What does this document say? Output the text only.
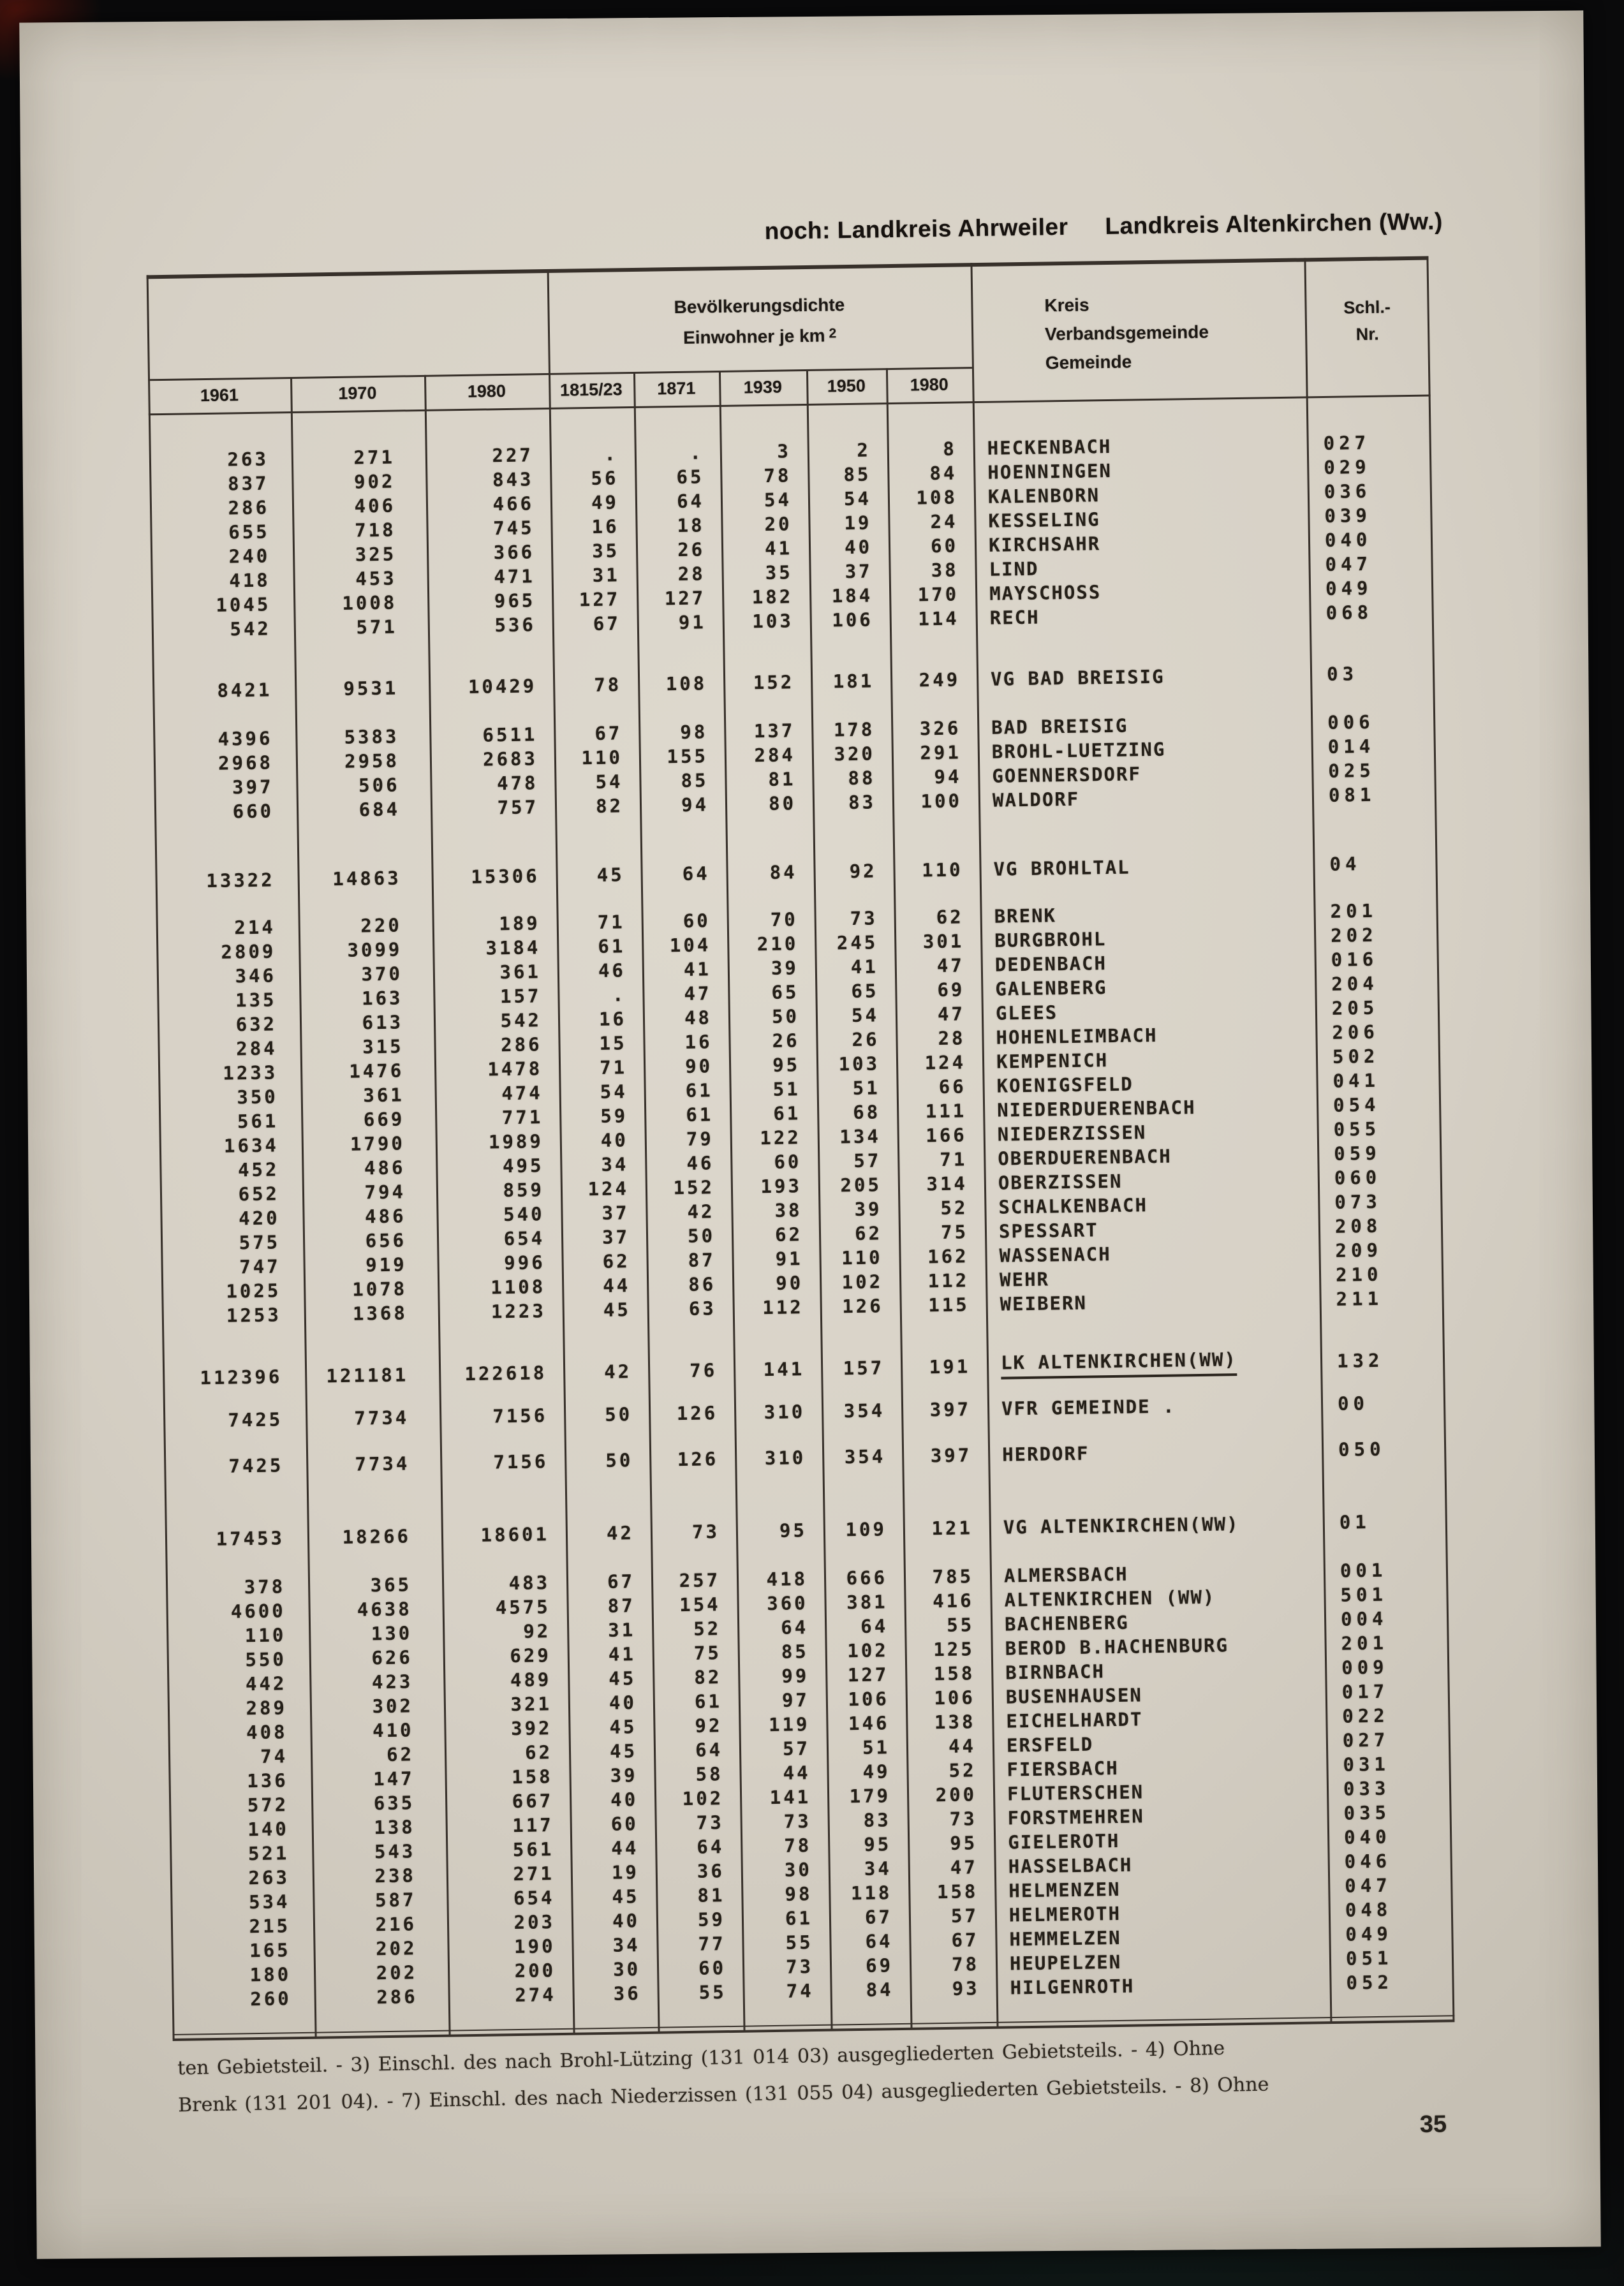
noch: Landkreis Ahrweiler Landkreis Altenkirchen (Ww.)
Bevölkerungsdichte
Einwohner je km $^2$
Kreis
Verbandsgemeinde
Gemeinde
Schl.-
Nr.
1961	1970	1980	1815/23	1871	1939	1950	1980
263	271	227	.	.	3	2	8	HECKENBACH	027
837	902	843	56	65	78	85	84	HOENNINGEN	029
286	406	466	49	64	54	54	108	KALENBORN	036
655	718	745	16	18	20	19	24	KESSELING	039
240	325	366	35	26	41	40	60	KIRCHSAHR	040
418	453	471	31	28	35	37	38	LIND	047
1045	1008	965	127	127	182	184	170	MAYSCHOSS	049
542	571	536	67	91	103	106	114	RECH	068
8421	9531	10429	78	108	152	181	249	VG BAD BREISIG	03
4396	5383	6511	67	98	137	178	326	BAD BREISIG	006
2968	2958	2683	110	155	284	320	291	BROHL-LUETZING	014
397	506	478	54	85	81	88	94	GOENNERSDORF	025
660	684	757	82	94	80	83	100	WALDORF	081
13322	14863	15306	45	64	84	92	110	VG BROHLTAL	04
214	220	189	71	60	70	73	62	BRENK	201
2809	3099	3184	61	104	210	245	301	BURGBROHL	202
346	370	361	46	41	39	41	47	DEDENBACH	016
135	163	157	.	47	65	65	69	GALENBERG	204
632	613	542	16	48	50	54	47	GLEES	205
284	315	286	15	16	26	26	28	HOHENLEIMBACH	206
1233	1476	1478	71	90	95	103	124	KEMPENICH	502
350	361	474	54	61	51	51	66	KOENIGSFELD	041
561	669	771	59	61	61	68	111	NIEDERDUERENBACH	054
1634	1790	1989	40	79	122	134	166	NIEDERZISSEN	055
452	486	495	34	46	60	57	71	OBERDUERENBACH	059
652	794	859	124	152	193	205	314	OBERZISSEN	060
420	486	540	37	42	38	39	52	SCHALKENBACH	073
575	656	654	37	50	62	62	75	SPESSART	208
747	919	996	62	87	91	110	162	WASSENACH	209
1025	1078	1108	44	86	90	102	112	WEHR	210
1253	1368	1223	45	63	112	126	115	WEIBERN	211
112396	121181	122618	42	76	141	157	191	LK ALTENKIRCHEN(WW)	132
7425	7734	7156	50	126	310	354	397	VFR GEMEINDE .	00
7425	7734	7156	50	126	310	354	397	HERDORF	050
17453	18266	18601	42	73	95	109	121	VG ALTENKIRCHEN(WW)	01
378	365	483	67	257	418	666	785	ALMERSBACH	001
4600	4638	4575	87	154	360	381	416	ALTENKIRCHEN (WW)	501
110	130	92	31	52	64	64	55	BACHENBERG	004
550	626	629	41	75	85	102	125	BEROD B.HACHENBURG	201
442	423	489	45	82	99	127	158	BIRNBACH	009
289	302	321	40	61	97	106	106	BUSENHAUSEN	017
408	410	392	45	92	119	146	138	EICHELHARDT	022
74	62	62	45	64	57	51	44	ERSFELD	027
136	147	158	39	58	44	49	52	FIERSBACH	031
572	635	667	40	102	141	179	200	FLUTERSCHEN	033
140	138	117	60	73	73	83	73	FORSTMEHREN	035
521	543	561	44	64	78	95	95	GIELEROTH	040
263	238	271	19	36	30	34	47	HASSELBACH	046
534	587	654	45	81	98	118	158	HELMENZEN	047
215	216	203	40	59	61	67	57	HELMEROTH	048
165	202	190	34	77	55	64	67	HEMMELZEN	049
180	202	200	30	60	73	69	78	HEUPELZEN	051
260	286	274	36	55	74	84	93	HILGENROTH	052
ten Gebietsteil. - 3) Einschl. des nach Brohl-Lützing (131 014 03) ausgegliederten Gebietsteils. - 4) Ohne
Brenk (131 201 04). - 7) Einschl. des nach Niederzissen (131 055 04) ausgegliederten Gebietsteils. - 8) Ohne
35
